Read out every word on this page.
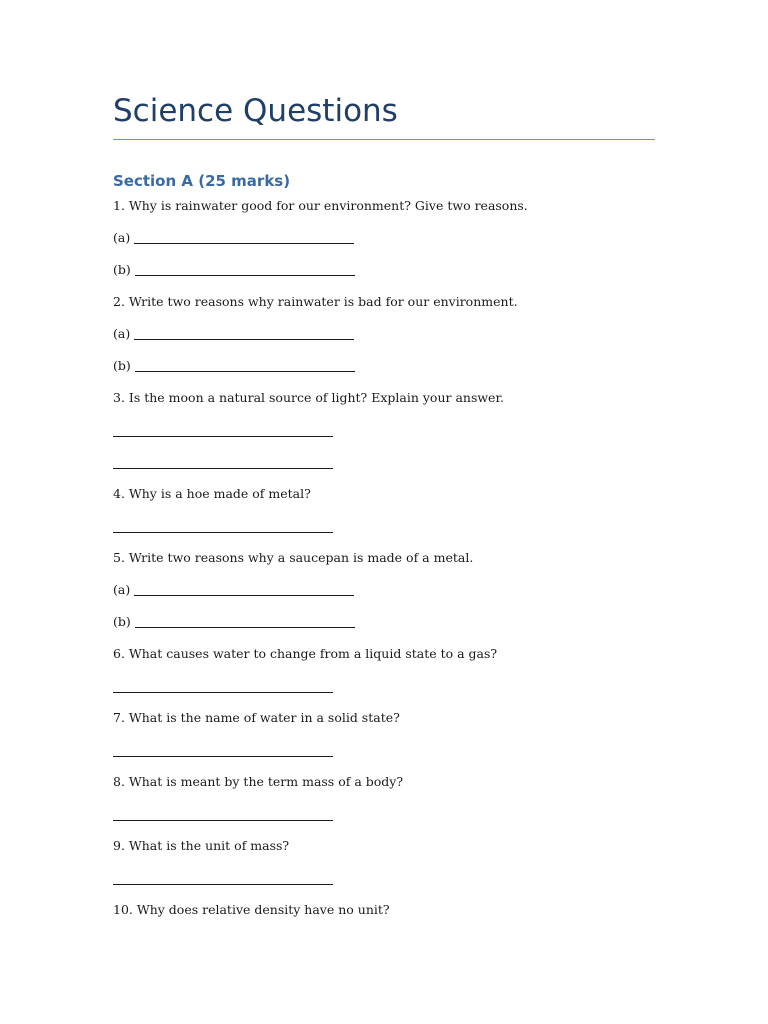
Science Questions
Section A (25 marks)
1. Why is rainwater good for our environment? Give two reasons.
(a)
(b)
2. Write two reasons why rainwater is bad for our environment.
(a)
(b)
3. Is the moon a natural source of light? Explain your answer.
4. Why is a hoe made of metal?
5. Write two reasons why a saucepan is made of a metal.
(a)
(b)
6. What causes water to change from a liquid state to a gas?
7. What is the name of water in a solid state?
8. What is meant by the term mass of a body?
9. What is the unit of mass?
10. Why does relative density have no unit?
